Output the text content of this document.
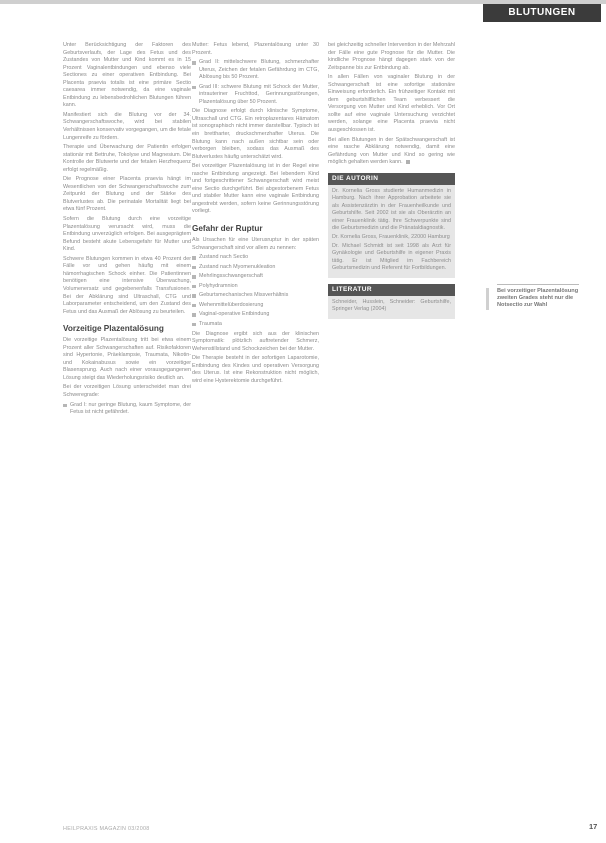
BLUTUNGEN

Unter Berücksichtigung der Faktoren des Geburtsverlaufs, der Lage des Fetus und des Zustandes von Mutter und Kind kommt es in 15 Prozent Vaginalentbindungen und ebenso viele Sectiones zu einer operativen Entbindung. Bei Placenta praevia totalis ist eine primäre Sectio caesarea immer notwendig, da eine vaginale Entbindung zu lebensbedrohlichen Blutungen führen kann.

Manifestiert sich die Blutung vor der 34. Schwangerschaftswoche, wird bei stabilen Verhältnissen konservativ vorgegangen, um die fetale Lungenreife zu fördern.

Therapie und Überwachung der Patientin erfolgen stationär mit Bettruhe, Tokolyse und Magnesium. Die Kontrolle der Blutwerte und der fetalen Herzfrequenz erfolgt regelmäßig.

Die Prognose einer Placenta praevia hängt im Wesentlichen von der Schwangerschaftswoche zum Zeitpunkt der Blutung und der Stärke des Blutverlustes ab. Die perinatale Mortalität liegt bei etwa fünf Prozent.

Sofern die Blutung durch eine vorzeitige Plazentalösung verursacht wird, muss die Entbindung unverzüglich erfolgen. Bei ausgeprägtem Befund besteht akute Lebensgefahr für Mutter und Kind.

Schwere Blutungen kommen in etwa 40 Prozent der Fälle vor und gehen häufig mit einem hämorrhagischen Schock einher. Die Patientinnen benötigen eine intensive Überwachung, Volumenersatz und gegebenenfalls Transfusionen. Bei der Abklärung sind Ultraschall, CTG und Laborparameter entscheidend, um den Zustand des Fetus und das Ausmaß der Ablösung zu beurteilen.

Vorzeitige Plazentalösung

Die vorzeitige Plazentalösung tritt bei etwa einem Prozent aller Schwangerschaften auf. Risikofaktoren sind Hypertonie, Präeklampsie, Traumata, Nikotin- und Kokainabusus sowie ein vorzeitiger Blasensprung. Auch nach einer vorausgegangenen Lösung steigt das Wiederholungsrisiko deutlich an.

Bei der vorzeitigen Lösung unterscheidet man drei Schweregrade:

Grad I: nur geringe Blutung, kaum Symptome, der Fetus ist nicht gefährdet.

Mutter: Fetus lebend, Plazentalösung unter 30 Prozent.

Grad II: mittelschwere Blutung, schmerzhafter Uterus, Zeichen der fetalen Gefährdung im CTG, Ablösung bis 50 Prozent.

Grad III: schwere Blutung mit Schock der Mutter, intrauteriner Fruchttod, Gerinnungsstörungen, Plazentalösung über 50 Prozent.

Die Diagnose erfolgt durch klinische Symptome, Ultraschall und CTG. Ein retroplazentares Hämatom ist sonographisch nicht immer darstellbar. Typisch ist ein brettharter, druckschmerzhafter Uterus. Die Blutung kann nach außen sichtbar sein oder verborgen bleiben, sodass das Ausmaß des Blutverlustes häufig unterschätzt wird.

Bei vorzeitiger Plazentalösung ist in der Regel eine rasche Entbindung angezeigt. Bei lebendem Kind und fortgeschrittener Schwangerschaft wird meist eine Sectio durchgeführt. Bei abgestorbenem Fetus und stabiler Mutter kann eine vaginale Entbindung angestrebt werden, sofern keine Gerinnungsstörung vorliegt.

Gefahr der Ruptur

Als Ursachen für eine Uterusruptur in der späten Schwangerschaft sind vor allem zu nennen:

Zustand nach Sectio

Zustand nach Myomenukleation

Mehrlingsschwangerschaft

Polyhydramnion

Geburtsmechanisches Missverhältnis

Wehenmittelüberdosierung

Vaginal-operative Entbindung

Traumata

Die Diagnose ergibt sich aus der klinischen Symptomatik: plötzlich auftretender Schmerz, Wehenstillstand und Schockzeichen bei der Mutter.

Die Therapie besteht in der sofortigen Laparotomie, Entbindung des Kindes und operativen Versorgung des Uterus. Ist eine Rekonstruktion nicht möglich, wird eine Hysterektomie durchgeführt.

bei gleichzeitig schneller Intervention in der Mehrzahl der Fälle eine gute Prognose für die Mutter. Die kindliche Prognose hängt dagegen stark von der Zeitspanne bis zur Entbindung ab.

In allen Fällen von vaginaler Blutung in der Schwangerschaft ist eine sofortige stationäre Einweisung erforderlich. Ein frühzeitiger Kontakt mit dem geburtshilflichen Team verbessert die Versorgung von Mutter und Kind erheblich. Vor Ort sollte auf eine vaginale Untersuchung verzichtet werden, solange eine Placenta praevia nicht ausgeschlossen ist.

Bei allen Blutungen in der Spätschwangerschaft ist eine rasche Abklärung notwendig, damit eine Gefährdung von Mutter und Kind so gering wie möglich gehalten werden kann.

DIE AUTORIN

Dr. Kornelia Gross studierte Humanmedizin in Hamburg. Nach ihrer Approbation arbeitete sie als Assistenzärztin in der Frauenheilkunde und Geburtshilfe. Seit 2002 ist sie als Oberärztin an einer Frauenklinik tätig. Ihre Schwerpunkte sind die Geburtsmedizin und die Pränataldiagnostik.

Dr. Kornelia Gross, Frauenklinik, 22000 Hamburg

Dr. Michael Schmidt ist seit 1998 als Arzt für Gynäkologie und Geburtshilfe in eigener Praxis tätig. Er ist Mitglied im Fachbereich Geburtsmedizin und Referent für Fortbildungen.

LITERATUR

Schneider, Husslein, Schneider: Geburtshilfe, Springer Verlag (2004)

Bei vorzeitiger Plazentalösung zweiten Grades steht nur die Notsectio zur Wahl
HEILPRAXIS MAGAZIN 03/2008	17
